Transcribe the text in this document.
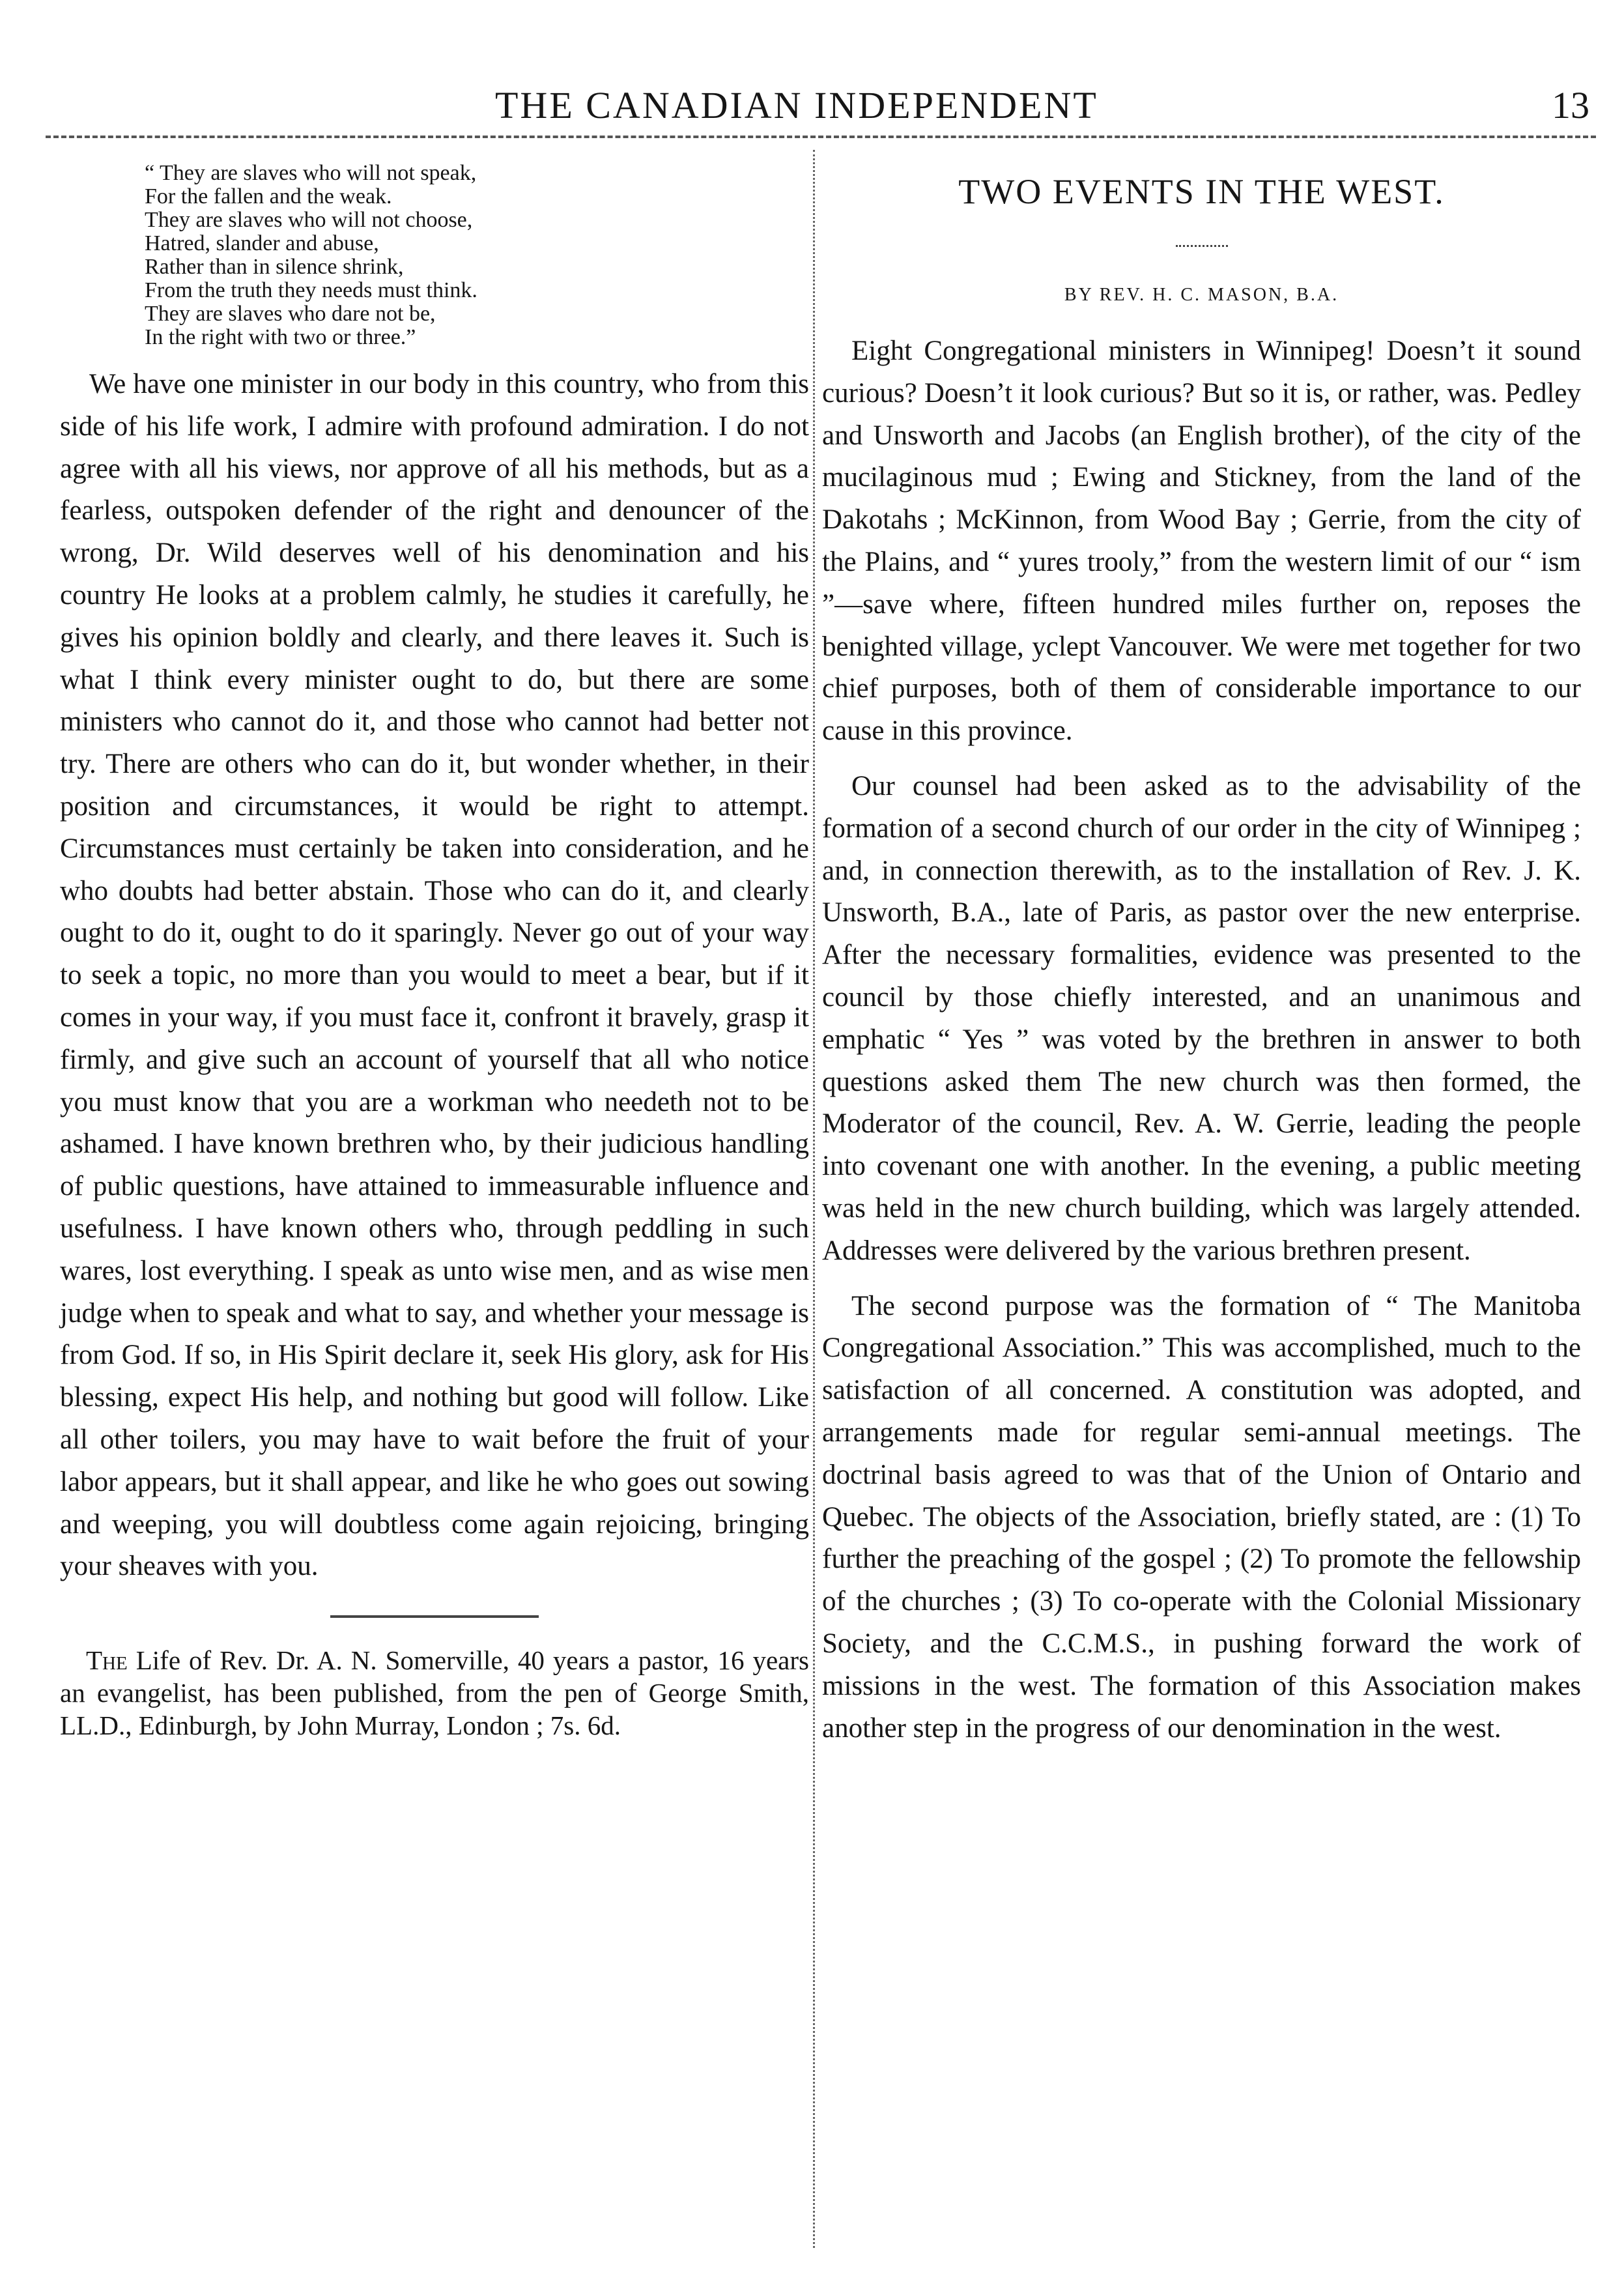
THE CANADIAN INDEPENDENT	13
“ They are slaves who will not speak,
For the fallen and the weak.
They are slaves who will not choose,
Hatred, slander and abuse,
Rather than in silence shrink,
From the truth they needs must think.
They are slaves who dare not be,
In the right with two or three.”

We have one minister in our body in this country, who from this side of his life work, I admire with profound admiration. I do not agree with all his views, nor approve of all his methods, but as a fearless, outspoken defender of the right and denouncer of the wrong, Dr. Wild deserves well of his denomination and his country He looks at a problem calmly, he studies it carefully, he gives his opinion boldly and clearly, and there leaves it. Such is what I think every minister ought to do, but there are some ministers who cannot do it, and those who cannot had better not try. There are others who can do it, but wonder whether, in their position and circumstances, it would be right to attempt. Circumstances must certainly be taken into consideration, and he who doubts had better abstain. Those who can do it, and clearly ought to do it, ought to do it sparingly. Never go out of your way to seek a topic, no more than you would to meet a bear, but if it comes in your way, if you must face it, confront it bravely, grasp it firmly, and give such an account of yourself that all who notice you must know that you are a workman who needeth not to be ashamed. I have known brethren who, by their judicious handling of public questions, have attained to immeasurable influence and usefulness. I have known others who, through peddling in such wares, lost everything. I speak as unto wise men, and as wise men judge when to speak and what to say, and whether your message is from God. If so, in His Spirit declare it, seek His glory, ask for His blessing, expect His help, and nothing but good will follow. Like all other toilers, you may have to wait before the fruit of your labor appears, but it shall appear, and like he who goes out sowing and weeping, you will doubtless come again rejoicing, bringing your sheaves with you.

The Life of Rev. Dr. A. N. Somerville, 40 years a pastor, 16 years an evangelist, has been published, from the pen of George Smith, LL.D., Edinburgh, by John Murray, London ; 7s. 6d.

TWO EVENTS IN THE WEST.
BY REV. H. C. MASON, B.A.

Eight Congregational ministers in Winnipeg! Doesn’t it sound curious? Doesn’t it look curious? But so it is, or rather, was. Pedley and Unsworth and Jacobs (an English brother), of the city of the mucilaginous mud ; Ewing and Stickney, from the land of the Dakotahs ; McKinnon, from Wood Bay ; Gerrie, from the city of the Plains, and “ yures trooly,” from the western limit of our “ ism ”—save where, fifteen hundred miles further on, reposes the benighted village, yclept Vancouver. We were met together for two chief purposes, both of them of considerable importance to our cause in this province.

Our counsel had been asked as to the advisability of the formation of a second church of our order in the city of Winnipeg ; and, in connection therewith, as to the installation of Rev. J. K. Unsworth, B.A., late of Paris, as pastor over the new enterprise. After the necessary formalities, evidence was presented to the council by those chiefly interested, and an unanimous and emphatic “ Yes ” was voted by the brethren in answer to both questions asked them The new church was then formed, the Moderator of the council, Rev. A. W. Gerrie, leading the people into covenant one with another. In the evening, a public meeting was held in the new church building, which was largely attended. Addresses were delivered by the various brethren present.

The second purpose was the formation of “ The Manitoba Congregational Association.” This was accomplished, much to the satisfaction of all concerned. A constitution was adopted, and arrangements made for regular semi-annual meetings. The doctrinal basis agreed to was that of the Union of Ontario and Quebec. The objects of the Association, briefly stated, are : (1) To further the preaching of the gospel ; (2) To promote the fellowship of the churches ; (3) To co-operate with the Colonial Missionary Society, and the C.C.M.S., in pushing forward the work of missions in the west. The formation of this Association makes another step in the progress of our denomination in the west.
